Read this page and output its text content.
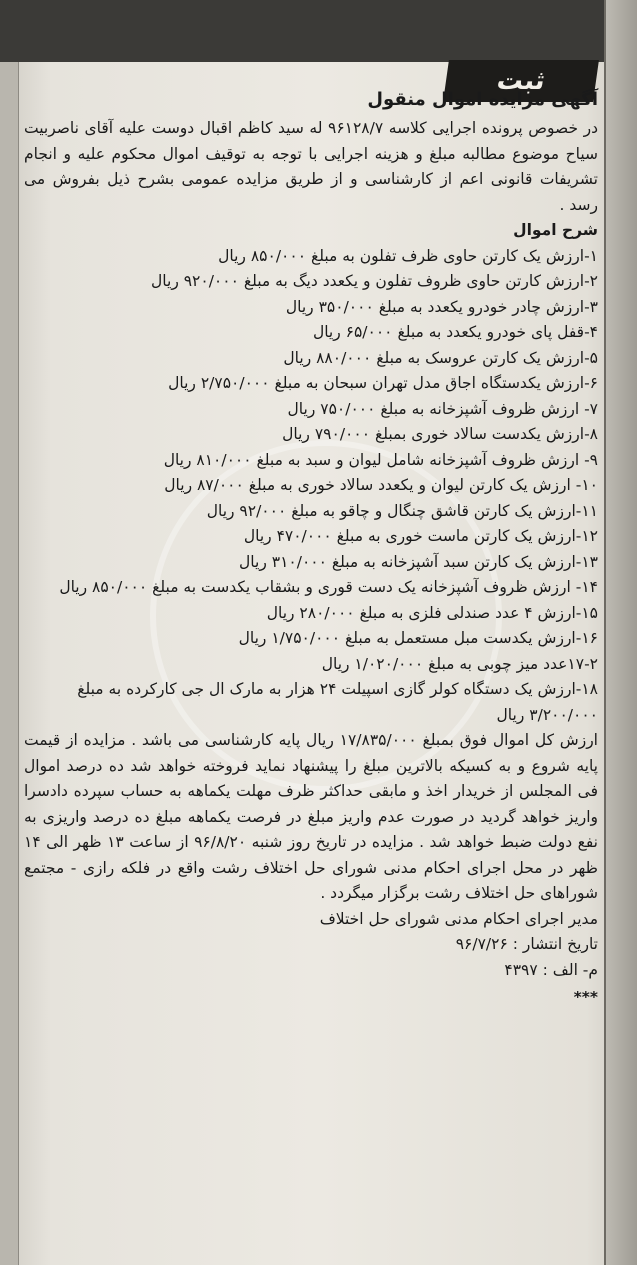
ثبت
آگهی مزایده اموال منقول

در خصوص پرونده اجرایی کلاسه ۹۶۱۲۸/۷ له سید کاظم اقبال دوست علیه آقای ناصربیت سیاح موضوع مطالبه مبلغ و هزینه اجرایی با توجه به توقیف اموال محکوم علیه و انجام تشریفات قانونی اعم از کارشناسی و از طریق مزایده عمومی بشرح ذیل بفروش می رسد .

شرح اموال

۱-ارزش یک کارتن حاوی ظرف تفلون به مبلغ ۸۵۰/۰۰۰ ریال

۲-ارزش کارتن حاوی ظروف تفلون و یکعدد دیگ به مبلغ ۹۲۰/۰۰۰ ریال

۳-ارزش چادر خودرو یکعدد به مبلغ ۳۵۰/۰۰۰ ریال

۴-قفل پای خودرو یکعدد به مبلغ ۶۵/۰۰۰ ریال

۵-ارزش یک کارتن عروسک به مبلغ ۸۸۰/۰۰۰ ریال

۶-ارزش یکدستگاه اجاق مدل تهران سبحان به مبلغ ۲/۷۵۰/۰۰۰ ریال

۷- ارزش ظروف آشپزخانه به مبلغ ۷۵۰/۰۰۰ ریال

۸-ارزش یکدست سالاد خوری بمبلغ ۷۹۰/۰۰۰ ریال

۹- ارزش ظروف آشپزخانه شامل لیوان و سبد به مبلغ ۸۱۰/۰۰۰ ریال

۱۰- ارزش یک کارتن لیوان و یکعدد سالاد خوری به مبلغ ۸۷/۰۰۰ ریال

۱۱-ارزش یک کارتن قاشق چنگال و چاقو به مبلغ ۹۲/۰۰۰ ریال

۱۲-ارزش یک کارتن ماست خوری به مبلغ ۴۷۰/۰۰۰ ریال

۱۳-ارزش یک کارتن سبد آشپزخانه به مبلغ ۳۱۰/۰۰۰ ریال

۱۴- ارزش ظروف آشپزخانه یک دست قوری و بشقاب یکدست به مبلغ ۸۵۰/۰۰۰ ریال

۱۵-ارزش ۴ عدد صندلی فلزی به مبلغ ۲۸۰/۰۰۰ ریال

۱۶-ارزش یکدست مبل مستعمل به مبلغ ۱/۷۵۰/۰۰۰ ریال

۱۷-۲عدد میز چوبی به مبلغ ۱/۰۲۰/۰۰۰ ریال

۱۸-ارزش یک دستگاه کولر گازی اسپیلت ۲۴ هزار به مارک ال جی کارکرده به مبلغ ۳/۲۰۰/۰۰۰ ریال

ارزش کل اموال فوق بمبلغ ۱۷/۸۳۵/۰۰۰ ریال پایه کارشناسی می باشد . مزایده از قیمت پایه شروع و به کسیکه بالاترین مبلغ را پیشنهاد نماید فروخته خواهد شد ده درصد اموال فی المجلس از خریدار اخذ و مابقی حداکثر ظرف مهلت یکماهه به حساب سپرده دادسرا واریز خواهد گردید در صورت عدم واریز مبلغ در فرصت یکماهه مبلغ ده درصد واریزی به نفع دولت ضبط خواهد شد . مزایده در تاریخ روز شنبه ۹۶/۸/۲۰ از ساعت ۱۳ ظهر الی ۱۴ ظهر در محل اجرای احکام مدنی شورای حل اختلاف رشت واقع در فلکه رازی - مجتمع شوراهای حل اختلاف رشت برگزار میگردد .

مدیر اجرای احکام مدنی شورای حل اختلاف

تاریخ انتشار : ۹۶/۷/۲۶

م- الف : ۴۳۹۷

***
